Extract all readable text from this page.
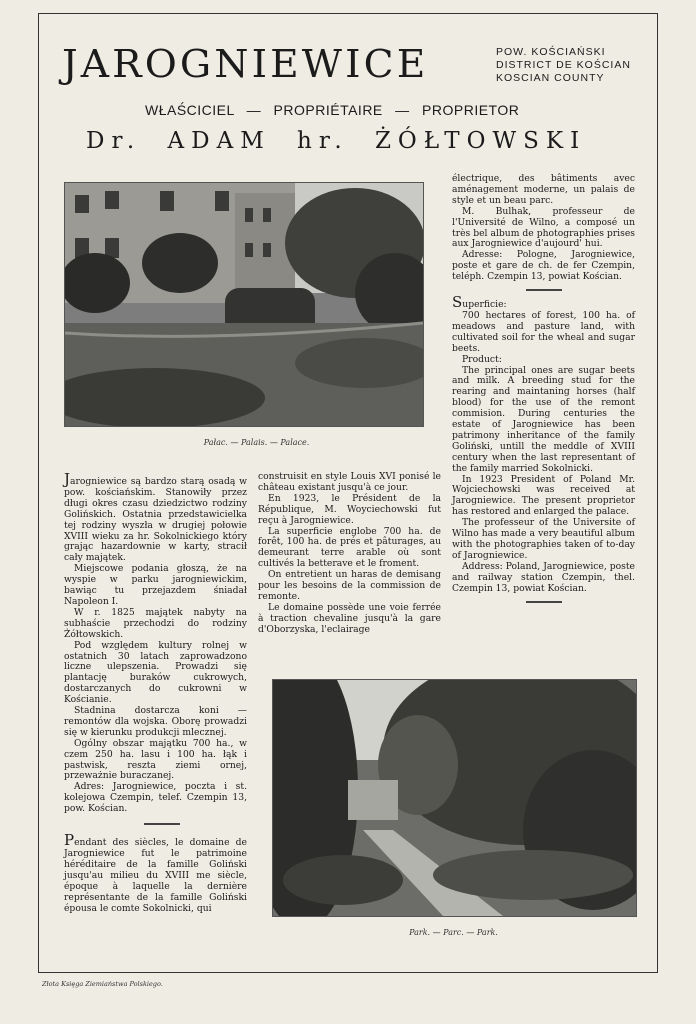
JAROGNIEWICE	POW. KOŚCIAŃSKI
DISTRICT DE KOŚCIAN
KOSCIAN COUNTY
WŁAŚCICIEL — PROPRIÉTAIRE — PROPRIETOR
Dr. ADAM hr. ŻÓŁTOWSKI
Pałac. — Palais. — Palace.
Park. — Parc. — Park.

Jarogniewice są bardzo starą osadą w pow. kościańskim. Stanowiły przez długi okres czasu dziedzictwo rodziny Golińskich. Ostatnia przedstawicielka tej rodziny wyszła w drugiej połowie XVIII wieku za hr. Sokolnickiego który grając hazardownie w karty, stracił cały majątek.

Miejscowe podania głoszą, że na wyspie w parku jarogniewickim, bawiąc tu przejazdem śniadał Napoleon I.

W r. 1825 majątek nabyty na subhaście przechodzi do rodziny Żółtowskich.

Pod względem kultury rolnej w ostatnich 30 latach zaprowadzono liczne ulepszenia. Prowadzi się plantację buraków cukrowych, dostarczanych do cukrowni w Kościanie.

Stadnina dostarcza koni — remontów dla wojska. Oborę prowadzi się w kierunku produkcji mlecznej.

Ogólny obszar majątku 700 ha., w czem 250 ha. lasu i 100 ha. łąk i pastwisk, reszta ziemi ornej, przeważnie buraczanej.

Adres: Jarogniewice, poczta i st. kolejowa Czempin, telef. Czempin 13, pow. Kościan.

Pendant des siècles, le domaine de Jarogniewice fut le patrimoine héréditaire de la famille Goliński jusqu'au milieu du XVIII me siècle, époque à laquelle la dernière représentante de la famille Goliński épousa le comte Sokolnicki, qui

construisit en style Louis XVI ponisé le château existant jusqu'à ce jour.

En 1923, le Président de la République, M. Woyciechowski fut reçu à Jarogniewice.

La superficie englobe 700 ha. de forêt, 100 ha. de prés et pâturages, au demeurant terre arable où sont cultivés la betterave et le froment.

On entretient un haras de demisang pour les besoins de la commission de remonte.

Le domaine possède une voie ferrée à traction chevaline jusqu'à la gare d'Oborzyska, l'eclairage

électrique, des bâtiments avec aménagement moderne, un palais de style et un beau parc.

M. Bulhak, professeur de l'Université de Wilno, a composé un très bel album de photographies prises aux Jarogniewice d'aujourd' hui.

Adresse: Pologne, Jarogniewice, poste et gare de ch. de fer Czempin, teléph. Czempin 13, powiat Kościan.

Superficie:

700 hectares of forest, 100 ha. of meadows and pasture land, with cultivated soil for the wheal and sugar beets.

Product:

The principal ones are sugar beets and milk. A breeding stud for the rearing and maintaning horses (half blood) for the use of the remont commision. During centuries the estate of Jarogniewice has been patrimony inheritance of the family Goliński, untill the meddle of XVIII century when the last representant of the family married Sokolnicki.

In 1923 President of Poland Mr. Wojciechowski was received at Jarogniewice. The present proprietor has restored and enlarged the palace.

The professeur of the Universite of Wilno has made a very beautiful album with the photographies taken of to-day of Jarogniewice.

Address: Poland, Jarogniewice, poste and railway station Czempin, thel. Czempin 13, powiat Kościan.

Złota Księga Ziemiaństwa Polskiego.
